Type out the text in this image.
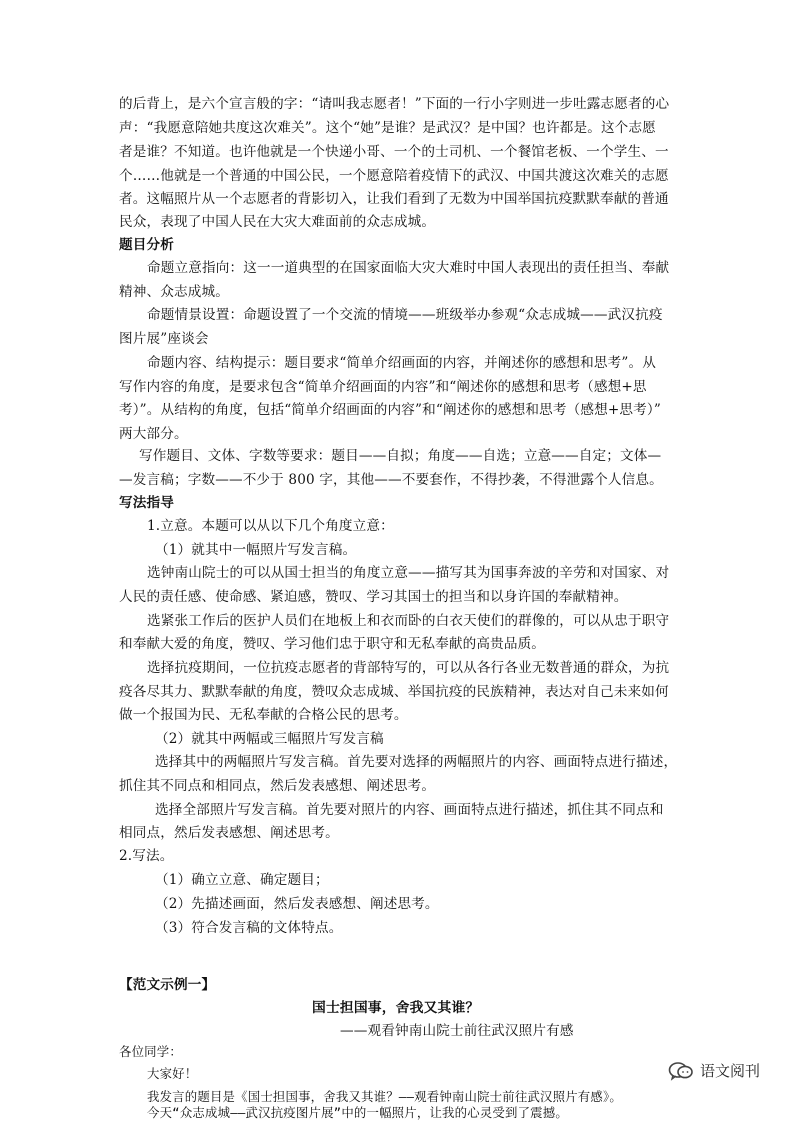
的后背上，是六个宣言般的字：“请叫我志愿者！”下面的一行小字则进一步吐露志愿者的心
声：“我愿意陪她共度这次难关”。这个“她”是谁？是武汉？是中国？也许都是。这个志愿
者是谁？不知道。也许他就是一个快递小哥、一个的士司机、一个餐馆老板、一个学生、一
个……他就是一个普通的中国公民，一个愿意陪着疫情下的武汉、中国共渡这次难关的志愿
者。这幅照片从一个志愿者的背影切入，让我们看到了无数为中国举国抗疫默默奉献的普通
民众，表现了中国人民在大灾大难面前的众志成城。
题目分析
命题立意指向：这一一道典型的在国家面临大灾大难时中国人表现出的责任担当、奉献
精神、众志成城。
命题情景设置：命题设置了一个交流的情境——班级举办参观“众志成城——武汉抗疫
图片展”座谈会
命题内容、结构提示：题目要求“简单介绍画面的内容，并阐述你的感想和思考”。从
写作内容的角度，是要求包含“简单介绍画面的内容”和“阐述你的感想和思考（感想+思
考）”。从结构的角度，包括“简单介绍画面的内容”和“阐述你的感想和思考（感想+思考）”
两大部分。
写作题目、文体、字数等要求：题目——自拟；角度——自选；立意——自定；文体—
—发言稿；字数——不少于 800 字，其他——不要套作，不得抄袭，不得泄露个人信息。
写法指导
1.立意。本题可以从以下几个角度立意：
（1）就其中一幅照片写发言稿。
选钟南山院士的可以从国士担当的角度立意——描写其为国事奔波的辛劳和对国家、对
人民的责任感、使命感、紧迫感，赞叹、学习其国士的担当和以身许国的奉献精神。
选紧张工作后的医护人员们在地板上和衣而卧的白衣天使们的群像的，可以从忠于职守
和奉献大爱的角度，赞叹、学习他们忠于职守和无私奉献的高贵品质。
选择抗疫期间，一位抗疫志愿者的背部特写的，可以从各行各业无数普通的群众，为抗
疫各尽其力、默默奉献的角度，赞叹众志成城、举国抗疫的民族精神，表达对自己未来如何
做一个报国为民、无私奉献的合格公民的思考。
（2）就其中两幅或三幅照片写发言稿
选择其中的两幅照片写发言稿。首先要对选择的两幅照片的内容、画面特点进行描述，
抓住其不同点和相同点，然后发表感想、阐述思考。
选择全部照片写发言稿。首先要对照片的内容、画面特点进行描述，抓住其不同点和
相同点，然后发表感想、阐述思考。
2.写法。
（1）确立立意、确定题目；
（2）先描述画面，然后发表感想、阐述思考。
（3）符合发言稿的文体特点。
【范文示例一】
国士担国事，舍我又其谁？
——观看钟南山院士前往武汉照片有感
各位同学：
大家好！
我发言的题目是《国士担国事，舍我又其谁？——观看钟南山院士前往武汉照片有感》。
今天“众志成城——武汉抗疫图片展”中的一幅照片，让我的心灵受到了震撼。
语文阅刊
